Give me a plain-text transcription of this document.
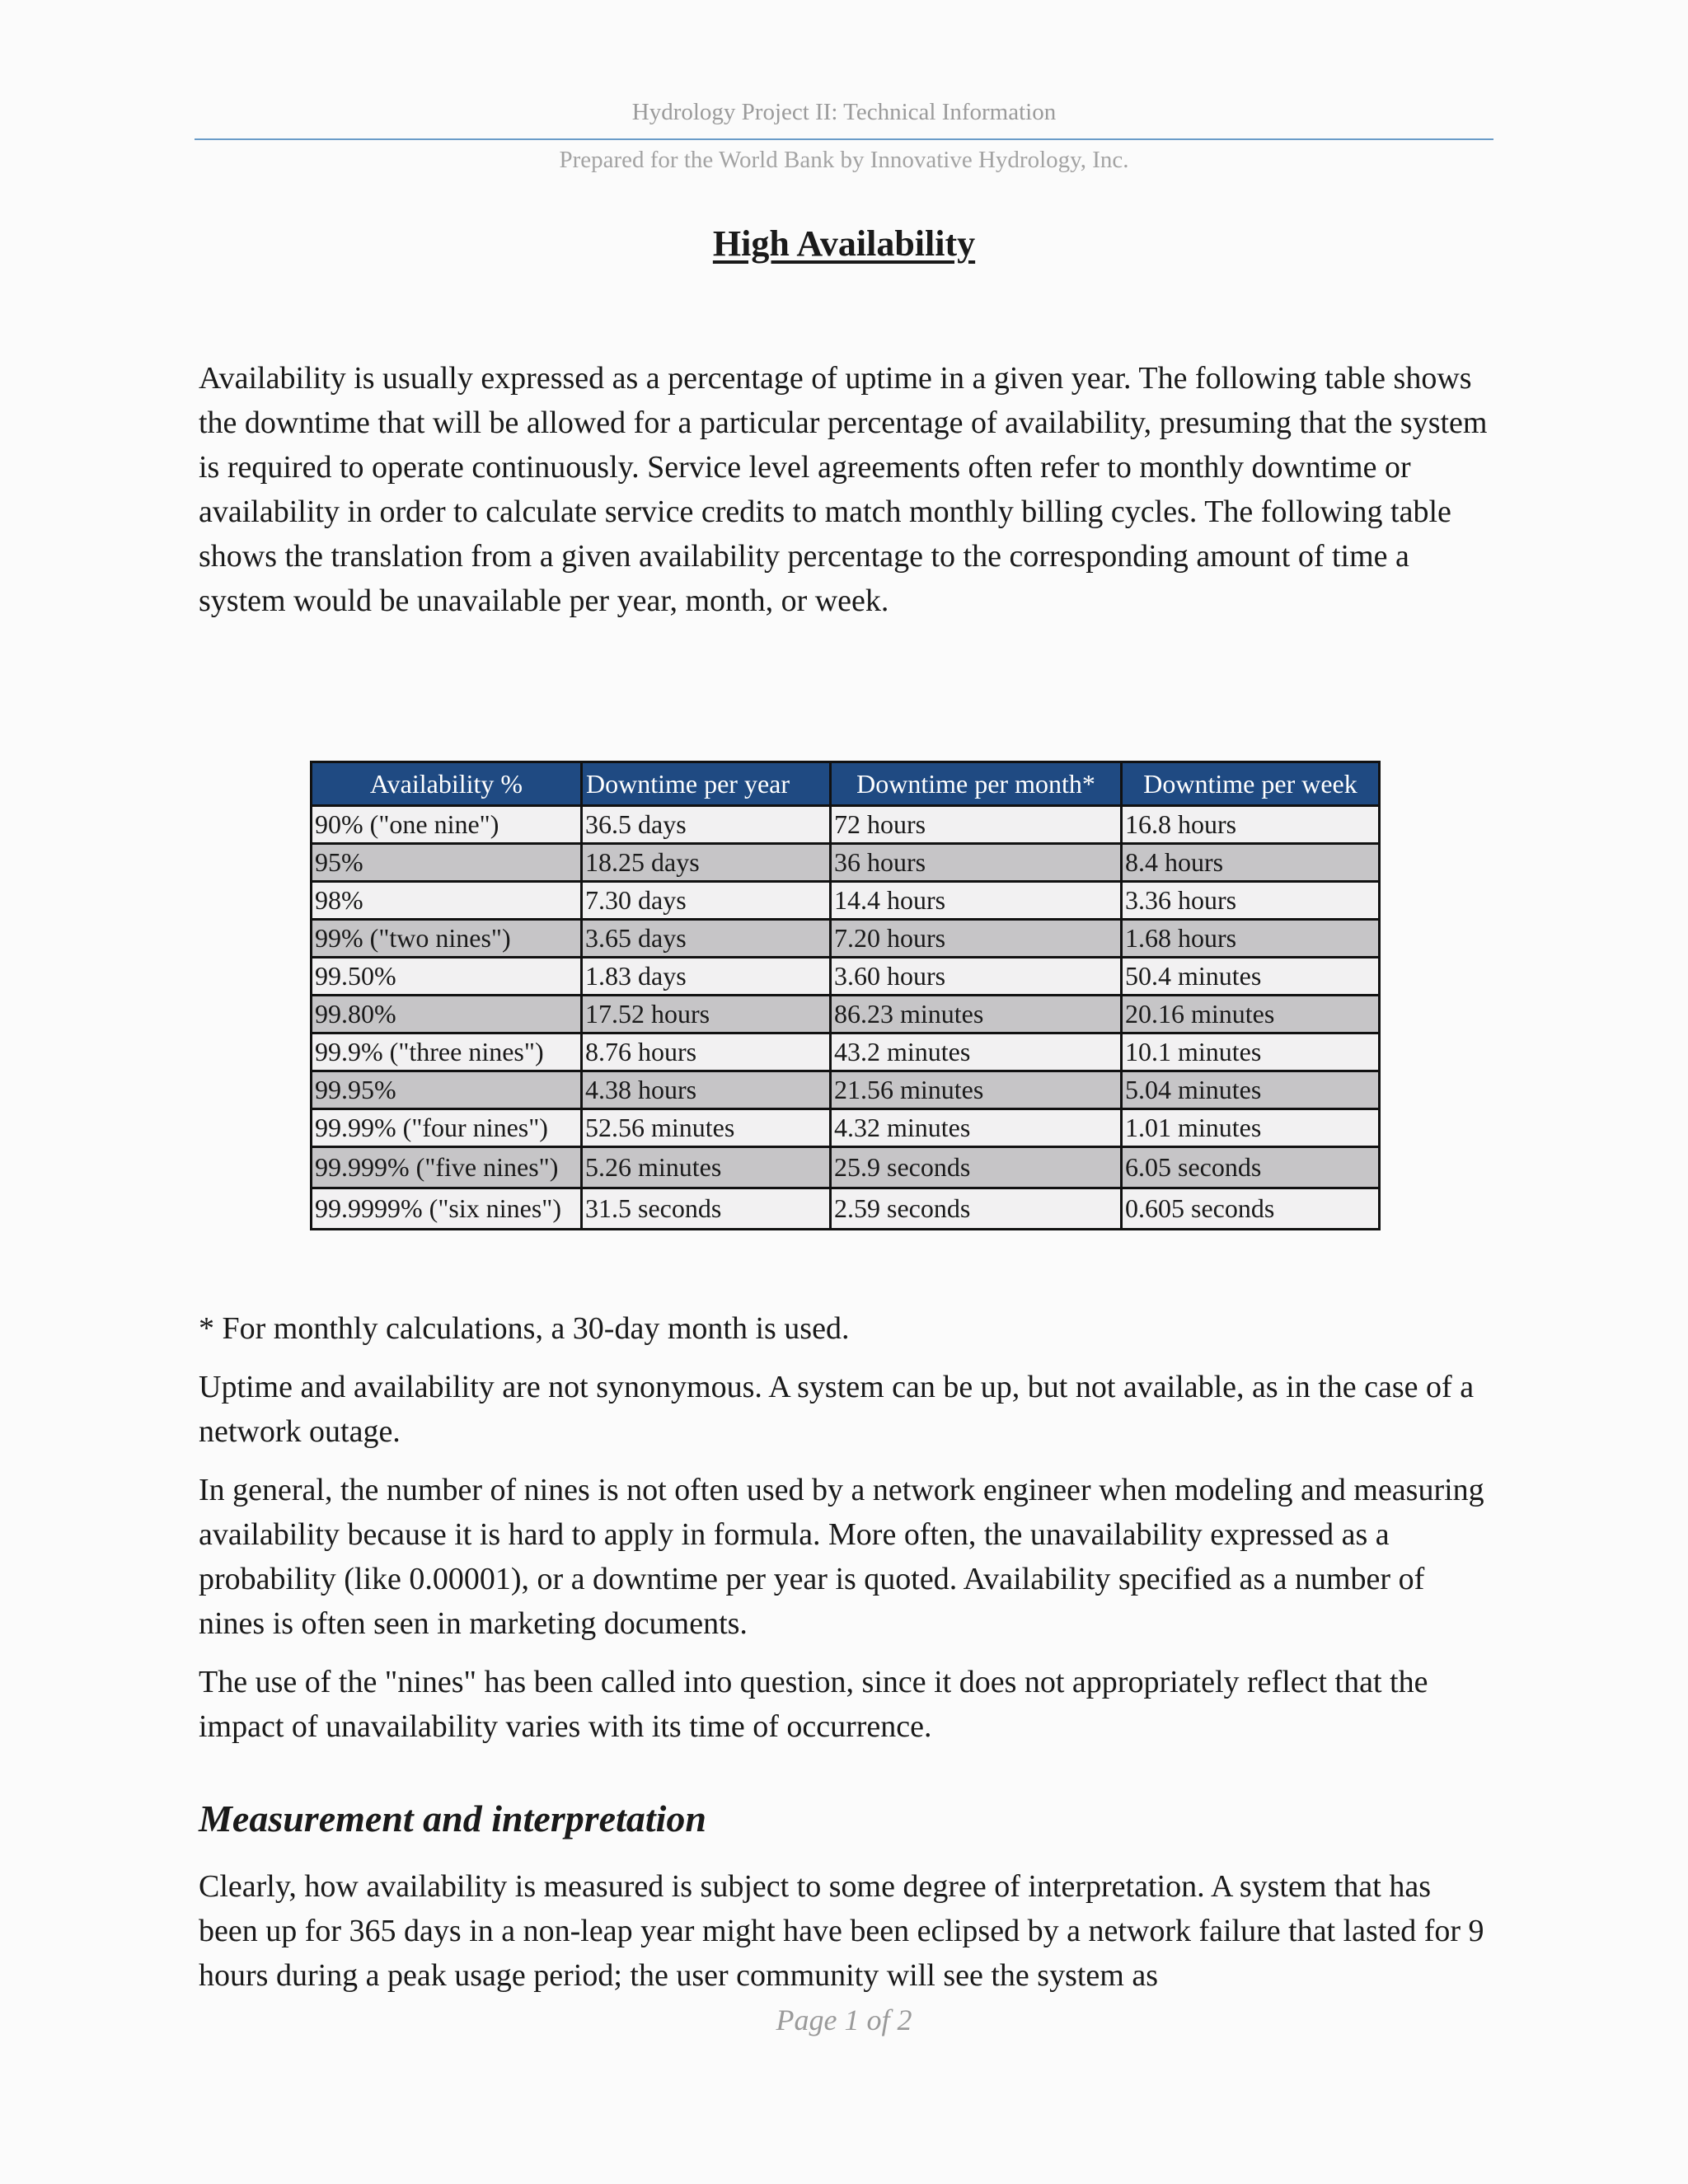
Hydrology Project II: Technical Information
Prepared for the World Bank by Innovative Hydrology, Inc.
High Availability

Availability is usually expressed as a percentage of uptime in a given year. The following table shows the downtime that will be allowed for a particular percentage of availability, presuming that the system is required to operate continuously. Service level agreements often refer to monthly downtime or availability in order to calculate service credits to match monthly billing cycles. The following table shows the translation from a given availability percentage to the corresponding amount of time a system would be unavailable per year, month, or week.

Availability %	Downtime per year	Downtime per month*	Downtime per week
90% ("one nine")	36.5 days	72 hours	16.8 hours
95%	18.25 days	36 hours	8.4 hours
98%	7.30 days	14.4 hours	3.36 hours
99% ("two nines")	3.65 days	7.20 hours	1.68 hours
99.50%	1.83 days	3.60 hours	50.4 minutes
99.80%	17.52 hours	86.23 minutes	20.16 minutes
99.9% ("three nines")	8.76 hours	43.2 minutes	10.1 minutes
99.95%	4.38 hours	21.56 minutes	5.04 minutes
99.99% ("four nines")	52.56 minutes	4.32 minutes	1.01 minutes
99.999% ("five nines")	5.26 minutes	25.9 seconds	6.05 seconds
99.9999% ("six nines")	31.5 seconds	2.59 seconds	0.605 seconds

* For monthly calculations, a 30-day month is used.

Uptime and availability are not synonymous. A system can be up, but not available, as in the case of a network outage.

In general, the number of nines is not often used by a network engineer when modeling and measuring availability because it is hard to apply in formula. More often, the unavailability expressed as a probability (like 0.00001), or a downtime per year is quoted. Availability specified as a number of nines is often seen in marketing documents.

The use of the "nines" has been called into question, since it does not appropriately reflect that the impact of unavailability varies with its time of occurrence.

Measurement and interpretation

Clearly, how availability is measured is subject to some degree of interpretation. A system that has been up for 365 days in a non-leap year might have been eclipsed by a network failure that lasted for 9 hours during a peak usage period; the user community will see the system as

Page 1 of 2
